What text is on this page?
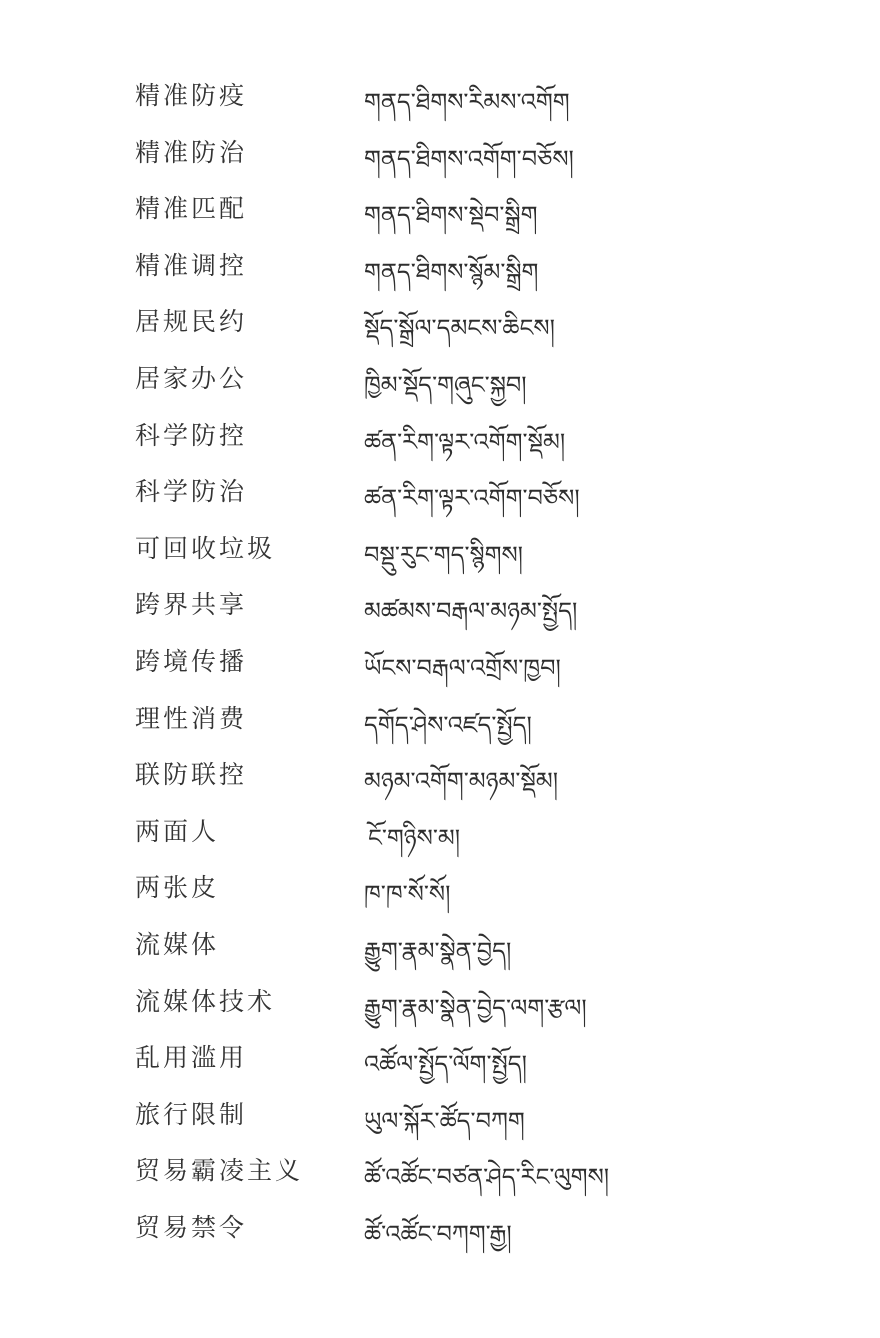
精准防疫	གནད་ཐིགས་རིམས་འགོག
精准防治	གནད་ཐིགས་འགོག་བཅོས།
精准匹配	གནད་ཐིགས་སྡེབ་སྒྲིག
精准调控	གནད་ཐིགས་སྙོམ་སྒྲིག
居规民约	སྡོད་སྒྲོལ་དམངས་ཆིངས།
居家办公	ཁྱིམ་སྡོད་གཞུང་སྐྱབ།
科学防控	ཚན་རིག་ལྟར་འགོག་སྡོམ།
科学防治	ཚན་རིག་ལྟར་འགོག་བཅོས།
可回收垃圾	བསྡུ་རུང་གད་སྙིགས།
跨界共享	མཚམས་བརྒལ་མཉམ་སྤྱོད།
跨境传播	ཡོངས་བརྒལ་འགྲོས་ཁྱབ།
理性消费	དགོད་ཤེས་འཛད་སྤྱོད།
联防联控	མཉམ་འགོག་མཉམ་སྡོམ།
两面人	ངོ་གཉིས་མ།
两张皮	ཁ་ཁ་སོ་སོ།
流媒体	རྒྱུག་རྣམ་སྣེན་བྱེད།
流媒体技术	རྒྱུག་རྣམ་སྣེན་བྱེད་ལག་རྩལ།
乱用滥用	འཚོལ་སྤྱོད་ལོག་སྤྱོད།
旅行限制	ཡུལ་སྐོར་ཚོད་བཀག
贸易霸凌主义	ཚོ་འཚོང་བཙན་ཤེད་རིང་ལུགས།
贸易禁令	ཚོ་འཚོང་བཀག་རྒྱ།
